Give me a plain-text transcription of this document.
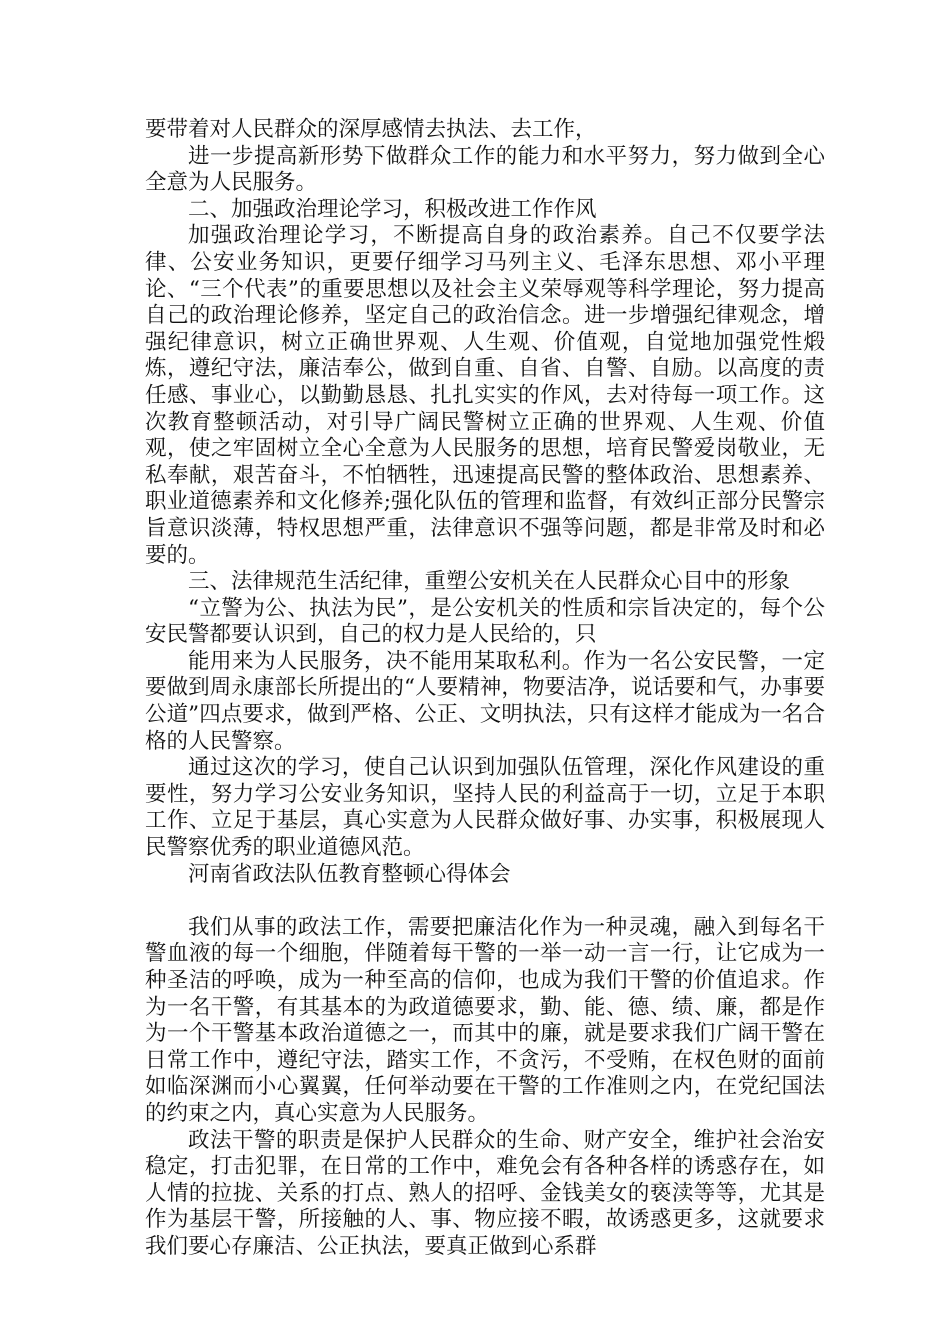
要带着对人民群众的深厚感情去执法、去工作，

进一步提高新形势下做群众工作的能力和水平努力，努力做到全心全意为人民服务。

二、加强政治理论学习，积极改进工作作风

加强政治理论学习，不断提高自身的政治素养。自己不仅要学法律、公安业务知识，更要仔细学习马列主义、毛泽东思想、邓小平理论、“三个代表”的重要思想以及社会主义荣辱观等科学理论，努力提高自己的政治理论修养，坚定自己的政治信念。进一步增强纪律观念，增强纪律意识，树立正确世界观、人生观、价值观，自觉地加强党性煅炼，遵纪守法，廉洁奉公，做到自重、自省、自警、自励。以高度的责任感、事业心，以勤勤恳恳、扎扎实实的作风，去对待每一项工作。这次教育整顿活动，对引导广阔民警树立正确的世界观、人生观、价值观，使之牢固树立全心全意为人民服务的思想，培育民警爱岗敬业，无私奉献，艰苦奋斗，不怕牺牲，迅速提高民警的整体政治、思想素养、职业道德素养和文化修养;强化队伍的管理和监督，有效纠正部分民警宗旨意识淡薄，特权思想严重，法律意识不强等问题，都是非常及时和必要的。

三、法律规范生活纪律，重塑公安机关在人民群众心目中的形象

“立警为公、执法为民”，是公安机关的性质和宗旨决定的，每个公安民警都要认识到，自己的权力是人民给的，只

能用来为人民服务，决不能用某取私利。作为一名公安民警，一定要做到周永康部长所提出的“人要精神，物要洁净，说话要和气，办事要公道”四点要求，做到严格、公正、文明执法，只有这样才能成为一名合格的人民警察。

通过这次的学习，使自己认识到加强队伍管理，深化作风建设的重要性，努力学习公安业务知识，坚持人民的利益高于一切，立足于本职工作、立足于基层，真心实意为人民群众做好事、办实事，积极展现人民警察优秀的职业道德风范。

河南省政法队伍教育整顿心得体会

我们从事的政法工作，需要把廉洁化作为一种灵魂，融入到每名干警血液的每一个细胞，伴随着每干警的一举一动一言一行，让它成为一种圣洁的呼唤，成为一种至高的信仰，也成为我们干警的价值追求。作为一名干警，有其基本的为政道德要求，勤、能、德、绩、廉，都是作为一个干警基本政治道德之一，而其中的廉，就是要求我们广阔干警在日常工作中，遵纪守法，踏实工作，不贪污，不受贿，在权色财的面前如临深渊而小心翼翼，任何举动要在干警的工作准则之内，在党纪国法的约束之内，真心实意为人民服务。

政法干警的职责是保护人民群众的生命、财产安全，维护社会治安稳定，打击犯罪，在日常的工作中，难免会有各种各样的诱惑存在，如人情的拉拢、关系的打点、熟人的招呼、金钱美女的亵渎等等，尤其是作为基层干警，所接触的人、事、物应接不暇，故诱惑更多，这就要求我们要心存廉洁、公正执法，要真正做到心系群
